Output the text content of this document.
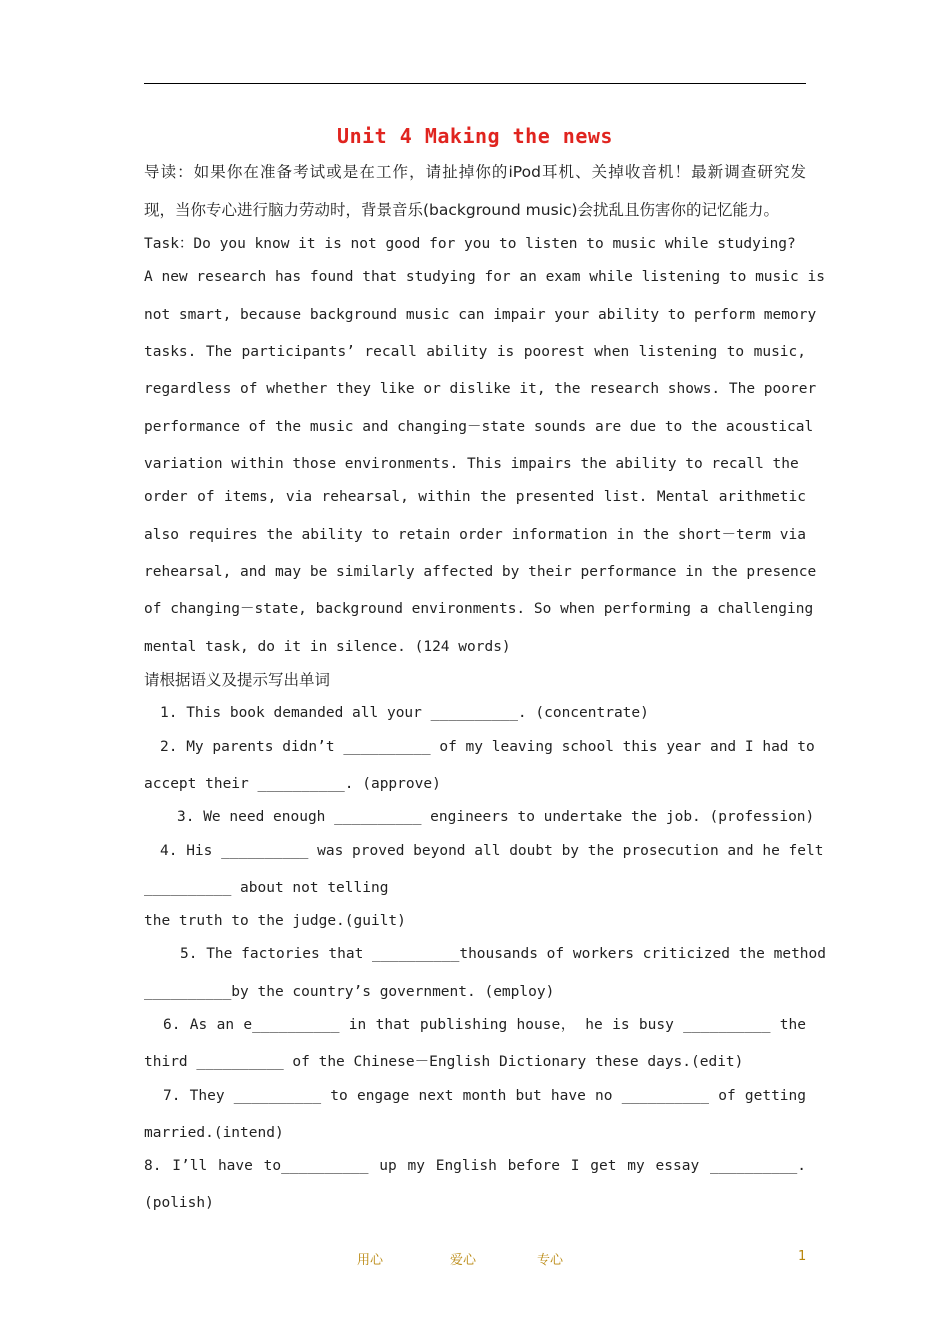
Unit 4 Making the news
导读：如果你在准备考试或是在工作，请扯掉你的iPod耳机、关掉收音机！最新调查研究发
现，当你专心进行脑力劳动时，背景音乐(background music)会扰乱且伤害你的记忆能力。
Task：Do you know it is not good for you to listen to music while studying?
A new research has found that studying for an exam while listening to music is
not smart, because background music can impair your ability to perform memory
tasks. The participants’ recall ability is poorest when listening to music,
regardless of whether they like or dislike it, the research shows. The poorer
performance of the music and changing－state sounds are due to the acoustical
variation within those environments. This impairs the ability to recall the
order of items, via rehearsal, within the presented list. Mental arithmetic
also requires the ability to retain order information in the short－term via
rehearsal, and may be similarly affected by their performance in the presence
of changing－state, background environments. So when performing a challenging
mental task, do it in silence. (124 words)
请根据语义及提示写出单词
1. This book demanded all your __________. (concentrate)
2. My parents didn’t __________ of my leaving school this year and I had to
accept their __________. (approve)
3. We need enough __________ engineers to undertake the job. (profession)
4. His __________ was proved beyond all doubt by the prosecution and he felt
__________ about not telling
the truth to the judge.(guilt)
5. The factories that __________thousands of workers criticized the method
__________by the country’s government. (employ)
6. As an e__________ in that publishing house， he is busy __________ the
third __________ of the Chinese－English Dictionary these days.(edit)
7. They __________ to engage next month but have no __________ of getting
married.(intend)
8. I’ll have to__________ up my English before I get my essay __________.
(polish)
用心	爱心	专心	1
